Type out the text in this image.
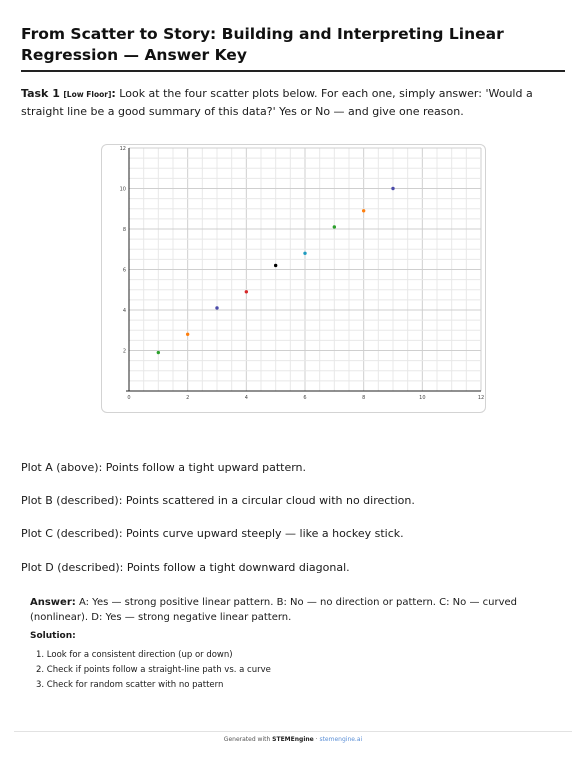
From Scatter to Story: Building and Interpreting Linear Regression — Answer Key

Task 1 [Low Floor]: Look at the four scatter plots below. For each one, simply answer: 'Would a straight line be a good summary of this data?' Yes or No — and give one reason.

0	2	4	6	8	10	12
2
4
6
8
10
12

Plot A (above): Points follow a tight upward pattern.

Plot B (described): Points scattered in a circular cloud with no direction.

Plot C (described): Points curve upward steeply — like a hockey stick.

Plot D (described): Points follow a tight downward diagonal.

Answer: A: Yes — strong positive linear pattern. B: No — no direction or pattern. C: No — curved (nonlinear). D: Yes — strong negative linear pattern.

Solution:

1. Look for a consistent direction (up or down)
2. Check if points follow a straight-line path vs. a curve
3. Check for random scatter with no pattern
Generated with STEMEngine · stemengine.ai
